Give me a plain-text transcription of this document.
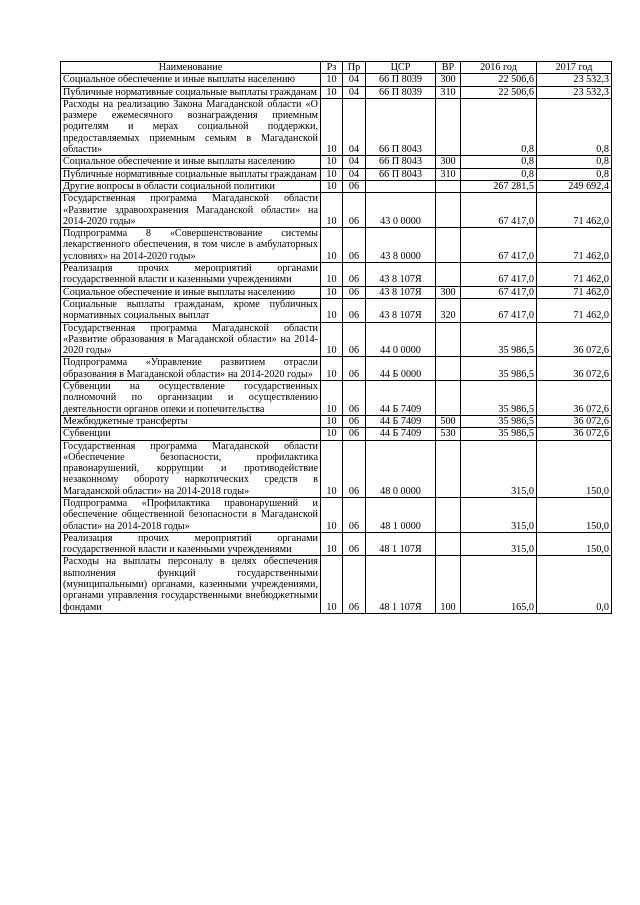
Наименование	Рз	Пр	ЦСР	ВР	2016 год	2017 год
Социальное обеспечение и иные выплаты населению	10	04	66 П 8039	300	22 506,6	23 532,3
Публичные нормативные социальные выплаты гражданам	10	04	66 П 8039	310	22 506,6	23 532,3
Расходы на реализацию Закона Магаданской области «О размере ежемесячного вознаграждения приемным родителям и мерах социальной поддержки, предоставляемых приемным семьям в Магаданской области»	10	04	66 П 8043		0,8	0,8
Социальное обеспечение и иные выплаты населению	10	04	66 П 8043	300	0,8	0,8
Публичные нормативные социальные выплаты гражданам	10	04	66 П 8043	310	0,8	0,8
Другие вопросы в области социальной политики	10	06			267 281,5	249 692,4
Государственная программа Магаданской области «Развитие здравоохранения Магаданской области» на 2014-2020 годы»	10	06	43 0 0000		67 417,0	71 462,0
Подпрограмма 8 «Совершенствование системы лекарственного обеспечения, в том числе в амбулаторных условиях» на 2014-2020 годы»	10	06	43 8 0000		67 417,0	71 462,0
Реализация прочих мероприятий органами государственной власти и казенными учреждениями	10	06	43 8 107Я		67 417,0	71 462,0
Социальное обеспечение и иные выплаты населению	10	06	43 8 107Я	300	67 417,0	71 462,0
Социальные выплаты гражданам, кроме публичных нормативных социальных выплат	10	06	43 8 107Я	320	67 417,0	71 462,0
Государственная программа Магаданской области «Развитие образования в Магаданской области» на 2014-2020 годы»	10	06	44 0 0000		35 986,5	36 072,6
Подпрограмма «Управление развитием отрасли образования в Магаданской области» на 2014-2020 годы»	10	06	44 Б 0000		35 986,5	36 072,6
Субвенции на осуществление государственных полномочий по организации и осуществлению деятельности органов опеки и попечительства	10	06	44 Б 7409		35 986,5	36 072,6
Межбюджетные трансферты	10	06	44 Б 7409	500	35 986,5	36 072,6
Субвенции	10	06	44 Б 7409	530	35 986,5	36 072,6
Государственная программа Магаданской области «Обеспечение безопасности, профилактика правонарушений, коррупции и противодействие незаконному обороту наркотических средств в Магаданской области» на 2014-2018 годы»	10	06	48 0 0000		315,0	150,0
Подпрограмма «Профилактика правонарушений и обеспечение общественной безопасности в Магаданской области» на 2014-2018 годы»	10	06	48 1 0000		315,0	150,0
Реализация прочих мероприятий органами государственной власти и казенными учреждениями	10	06	48 1 107Я		315,0	150,0
Расходы на выплаты персоналу в целях обеспечения выполнения функций государственными (муниципальными) органами, казенными учреждениями, органами управления государственными внебюджетными фондами	10	06	48 1 107Я	100	165,0	0,0
